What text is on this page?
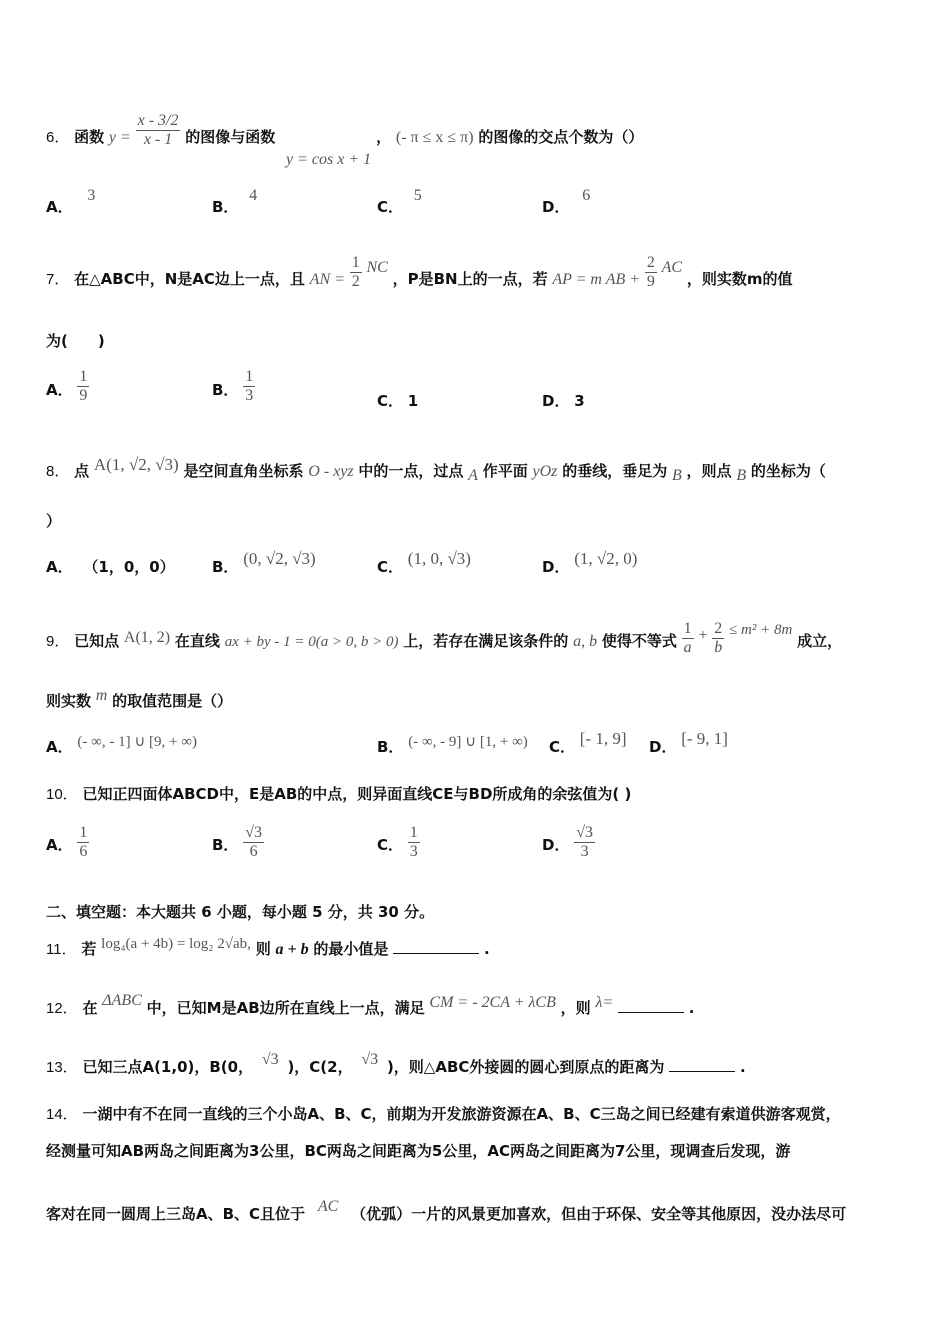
6． 函数 $y = \frac{x - 3/2}{x - 1}$ 的图像与函数	， (- π ≤ x ≤ π) 的图像的交点个数为（）
y = cos x + 1
A． 3
B． 4
C． 5
D． 6
7． 在△ABC中，N是AC边上一点，且 AN = $\frac{1}{2}$ NC ，P是BN上的一点，若 AP = m AB + $\frac{2}{9}$ AC ，则实数m的值
为(　　)
A． $\frac{1}{9}$	B． $\frac{1}{3}$	C． 1	D． 3
8． 点 A(1, √2, √3) 是空间直角坐标系 O - xyz 中的一点，过点 A 作平面 yOz 的垂线，垂足为 B ，则点 B 的坐标为（
）
A． （1，0，0） B． (0, √2, √3)	C． (1, 0, √3)	D． (1, √2, 0)
9． 已知点 A(1, 2) 在直线 ax + by - 1 = 0(a > 0, b > 0) 上，若存在满足该条件的 a, b 使得不等式 $\frac{1}{a} + \frac{2}{b} \le m^2 + 8m$ 成立，
则实数 m 的取值范围是（）
A． (- ∞, - 1] ∪ [9, + ∞)	B． (- ∞, - 9] ∪ [1, + ∞) C． [- 1, 9] D． [- 9, 1]
10． 已知正四面体ABCD中，E是AB的中点，则异面直线CE与BD所成角的余弦值为( )
A． $\frac{1}{6}$	B． $\frac{√3}{6}$	C． $\frac{1}{3}$	D． $\frac{√3}{3}$
二、填空题：本大题共 6 小题，每小题 5 分，共 30 分。
11． 若 log₄(a + 4b) = log₂ 2√ab, 则 a + b 的最小值是	.
12． 在 ΔABC 中，已知M是AB边所在直线上一点，满足 CM = - 2CA + λCB ，则 λ=	.
13． 已知三点A(1,0)，B(0， √3 )，C(2， √3 )，则△ABC外接圆的圆心到原点的距离为	.
14． 一湖中有不在同一直线的三个小岛A、B、C，前期为开发旅游资源在A、B、C三岛之间已经建有索道供游客观赏，
经测量可知AB两岛之间距离为3公里，BC两岛之间距离为5公里，AC两岛之间距离为7公里，现调查后发现，游
客对在同一圆周上三岛A、B、C且位于 AC （优弧）一片的风景更加喜欢，但由于环保、安全等其他原因，没办法尽可
